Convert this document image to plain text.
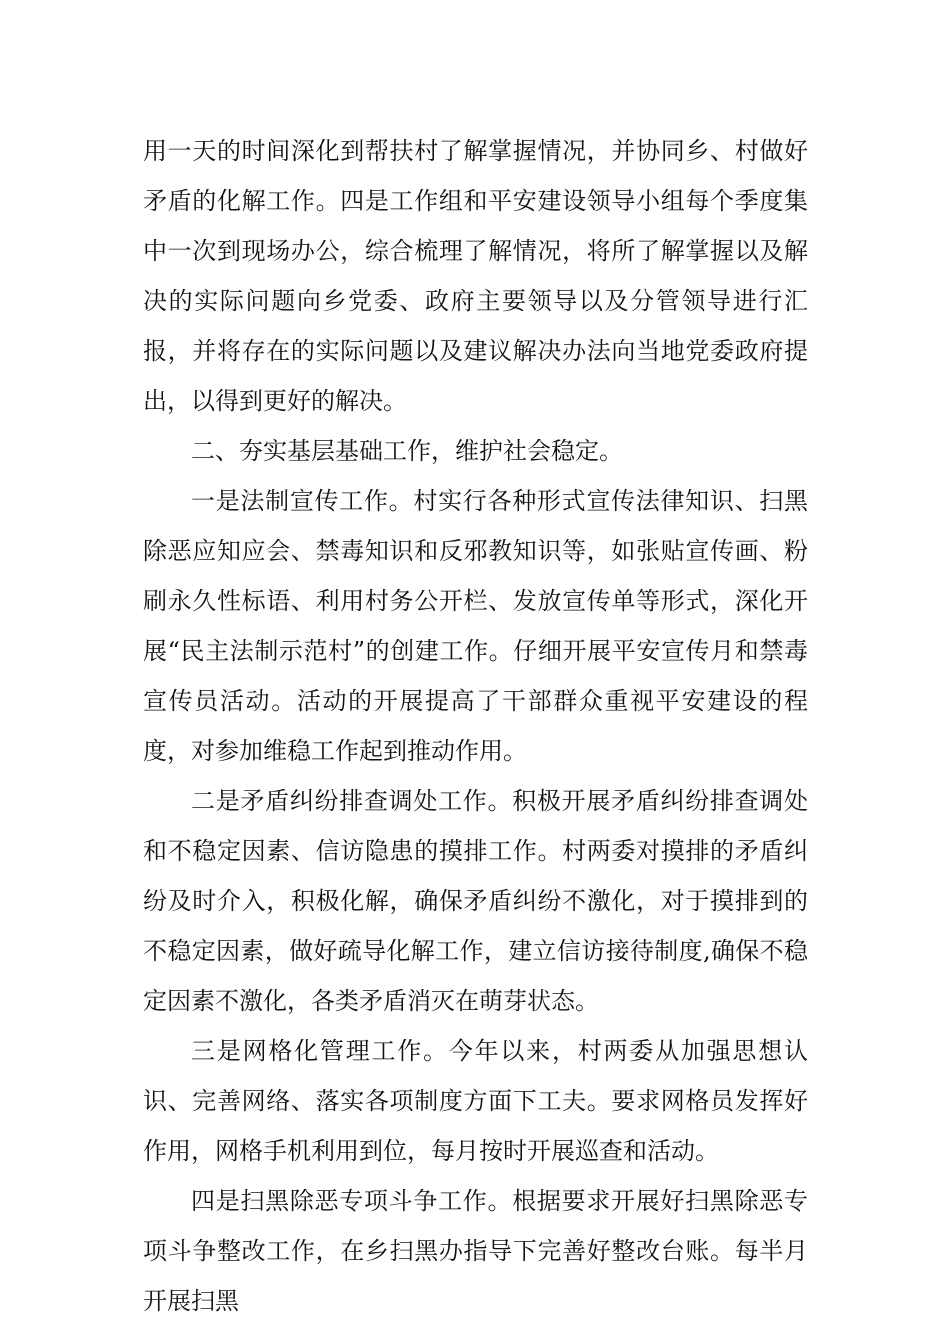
用一天的时间深化到帮扶村了解掌握情况，并协同乡、村做好矛盾的化解工作。四是工作组和平安建设领导小组每个季度集中一次到现场办公，综合梳理了解情况，将所了解掌握以及解决的实际问题向乡党委、政府主要领导以及分管领导进行汇报，并将存在的实际问题以及建议解决办法向当地党委政府提出，以得到更好的解决。

二、夯实基层基础工作，维护社会稳定。

一是法制宣传工作。村实行各种形式宣传法律知识、扫黑除恶应知应会、禁毒知识和反邪教知识等，如张贴宣传画、粉刷永久性标语、利用村务公开栏、发放宣传单等形式，深化开展“民主法制示范村”的创建工作。仔细开展平安宣传月和禁毒宣传员活动。活动的开展提高了干部群众重视平安建设的程度，对参加维稳工作起到推动作用。

二是矛盾纠纷排查调处工作。积极开展矛盾纠纷排查调处和不稳定因素、信访隐患的摸排工作。村两委对摸排的矛盾纠纷及时介入，积极化解，确保矛盾纠纷不激化，对于摸排到的不稳定因素，做好疏导化解工作，建立信访接待制度,确保不稳定因素不激化，各类矛盾消灭在萌芽状态。

三是网格化管理工作。今年以来，村两委从加强思想认识、完善网络、落实各项制度方面下工夫。要求网格员发挥好作用，网格手机利用到位，每月按时开展巡查和活动。

四是扫黑除恶专项斗争工作。根据要求开展好扫黑除恶专项斗争整改工作，在乡扫黑办指导下完善好整改台账。每半月开展扫黑
